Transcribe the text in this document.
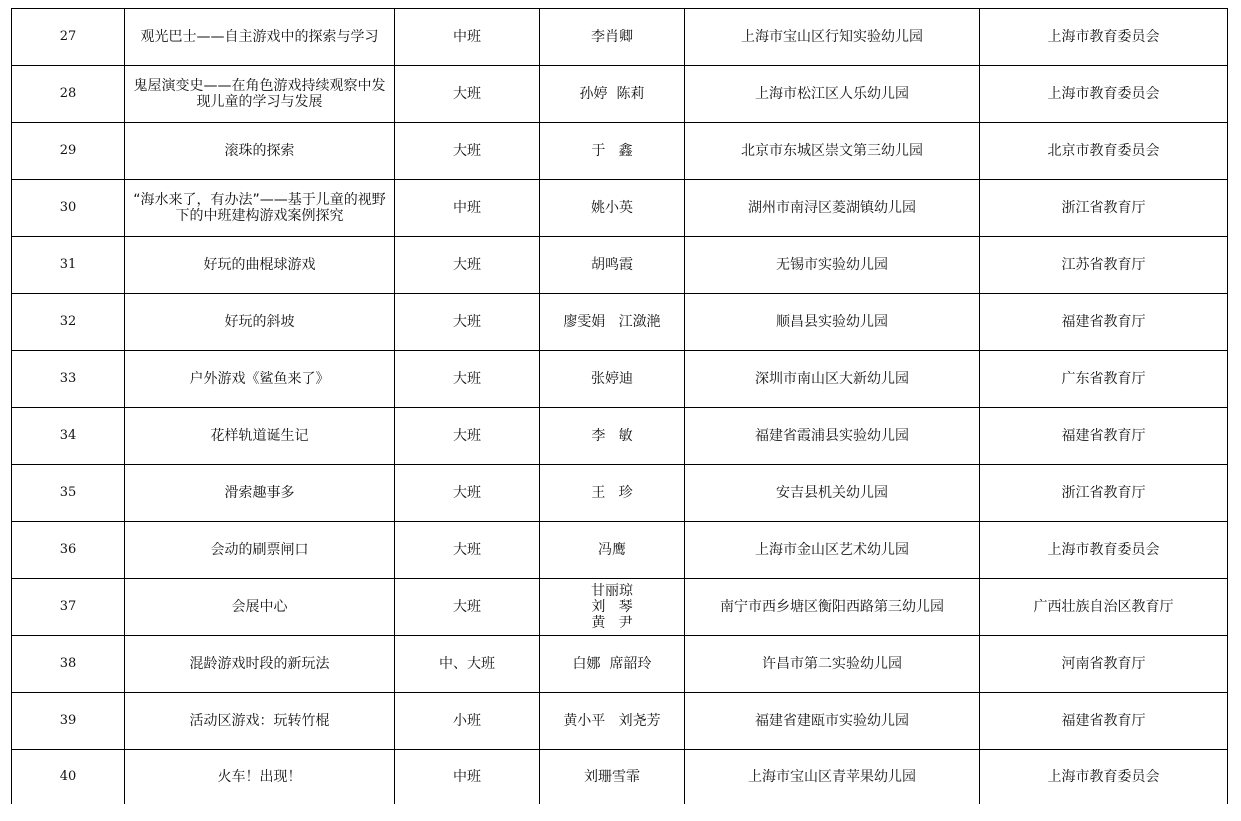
27	观光巴士——自主游戏中的探索与学习	中班	李肖卿	上海市宝山区行知实验幼儿园	上海市教育委员会
28	鬼屋演变史——在角色游戏持续观察中发现儿童的学习与发展	大班	孙婷  陈莉	上海市松江区人乐幼儿园	上海市教育委员会
29	滚珠的探索	大班	于   鑫	北京市东城区崇文第三幼儿园	北京市教育委员会
30	“海水来了，有办法”——基于儿童的视野下的中班建构游戏案例探究	中班	姚小英	湖州市南浔区菱湖镇幼儿园	浙江省教育厅
31	好玩的曲棍球游戏	大班	胡鸣霞	无锡市实验幼儿园	江苏省教育厅
32	好玩的斜坡	大班	廖雯娟   江潋滟	顺昌县实验幼儿园	福建省教育厅
33	户外游戏《鲨鱼来了》	大班	张婷迪	深圳市南山区大新幼儿园	广东省教育厅
34	花样轨道诞生记	大班	李   敏	福建省霞浦县实验幼儿园	福建省教育厅
35	滑索趣事多	大班	王   珍	安吉县机关幼儿园	浙江省教育厅
36	会动的刷票闸口	大班	冯鹰	上海市金山区艺术幼儿园	上海市教育委员会
37	会展中心	大班	甘丽琼
刘   琴
黄   尹	南宁市西乡塘区衡阳西路第三幼儿园	广西壮族自治区教育厅
38	混龄游戏时段的新玩法	中、大班	白娜  席韶玲	许昌市第二实验幼儿园	河南省教育厅
39	活动区游戏：玩转竹棍	小班	黄小平   刘尧芳	福建省建瓯市实验幼儿园	福建省教育厅
40	火车！出现！	中班	刘珊雪霏	上海市宝山区青苹果幼儿园	上海市教育委员会
